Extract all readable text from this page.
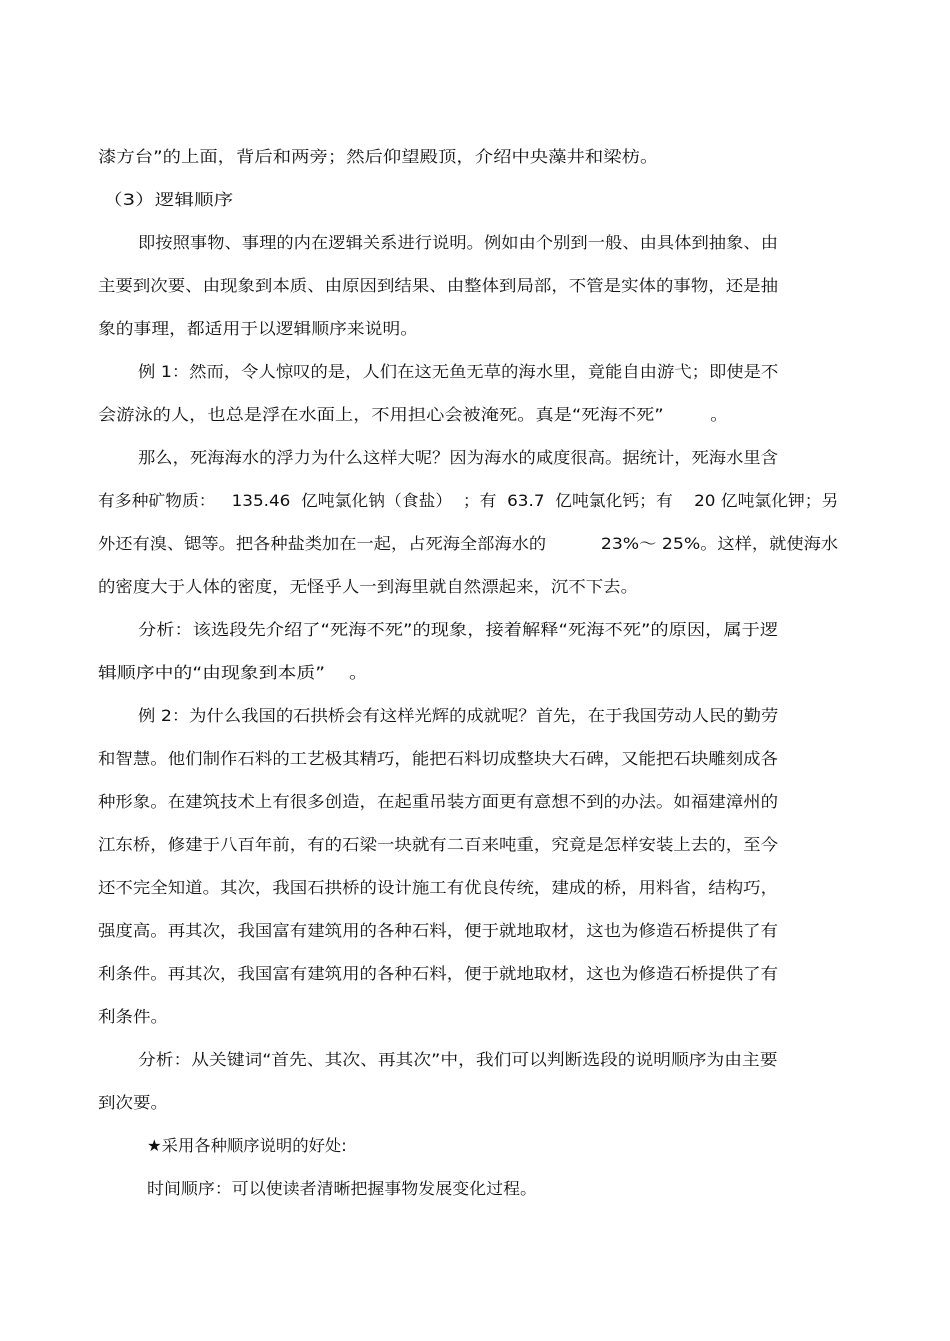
漆方台”的上面，背后和两旁；然后仰望殿顶，介绍中央藻井和梁枋。
（3）逻辑顺序
即按照事物、事理的内在逻辑关系进行说明。例如由个别到一般、由具体到抽象、由
主要到次要、由现象到本质、由原因到结果、由整体到局部，不管是实体的事物，还是抽
象的事理，都适用于以逻辑顺序来说明。
例 1：然而，令人惊叹的是，人们在这无鱼无草的海水里，竟能自由游弋；即使是不
会游泳的人，也总是浮在水面上，不用担心会被淹死。真是“死海不死”        。
那么，死海海水的浮力为什么这样大呢？因为海水的咸度很高。据统计，死海水里含
有多种矿物质：   135.46  亿吨氯化钠（食盐）  ；有  63.7  亿吨氯化钙；有    20 亿吨氯化钾；另
外还有溴、锶等。把各种盐类加在一起，占死海全部海水的          23%～ 25%。这样，就使海水
的密度大于人体的密度，无怪乎人一到海里就自然漂起来，沉不下去。
分析：该选段先介绍了“死海不死”的现象，接着解释“死海不死”的原因，属于逻
辑顺序中的“由现象到本质”    。
例 2：为什么我国的石拱桥会有这样光辉的成就呢？首先，在于我国劳动人民的勤劳
和智慧。他们制作石料的工艺极其精巧，能把石料切成整块大石碑，又能把石块雕刻成各
种形象。在建筑技术上有很多创造，在起重吊装方面更有意想不到的办法。如福建漳州的
江东桥，修建于八百年前，有的石梁一块就有二百来吨重，究竟是怎样安装上去的，至今
还不完全知道。其次，我国石拱桥的设计施工有优良传统，建成的桥，用料省，结构巧，
强度高。再其次，我国富有建筑用的各种石料，便于就地取材，这也为修造石桥提供了有
利条件。再其次，我国富有建筑用的各种石料，便于就地取材，这也为修造石桥提供了有
利条件。
分析：从关键词“首先、其次、再其次”中，我们可以判断选段的说明顺序为由主要
到次要。
★采用各种顺序说明的好处:
时间顺序：可以使读者清晰把握事物发展变化过程。
